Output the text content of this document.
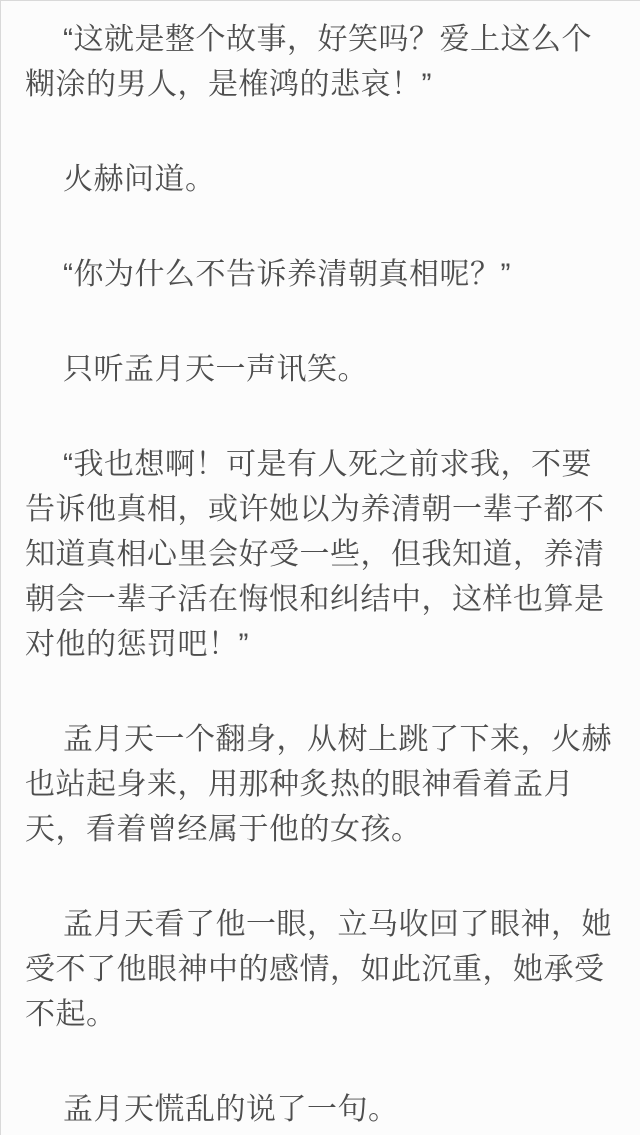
“这就是整个故事，好笑吗？爱上这么个糊涂的男人，是榷鸿的悲哀！”

火赫问道。

“你为什么不告诉养清朝真相呢？”

只听孟月天一声讯笑。

“我也想啊！可是有人死之前求我，不要告诉他真相，或许她以为养清朝一辈子都不知道真相心里会好受一些，但我知道，养清朝会一辈子活在悔恨和纠结中，这样也算是对他的惩罚吧！”

孟月天一个翻身，从树上跳了下来，火赫也站起身来，用那种炙热的眼神看着孟月天，看着曾经属于他的女孩。

孟月天看了他一眼，立马收回了眼神，她受不了他眼神中的感情，如此沉重，她承受不起。

孟月天慌乱的说了一句。
